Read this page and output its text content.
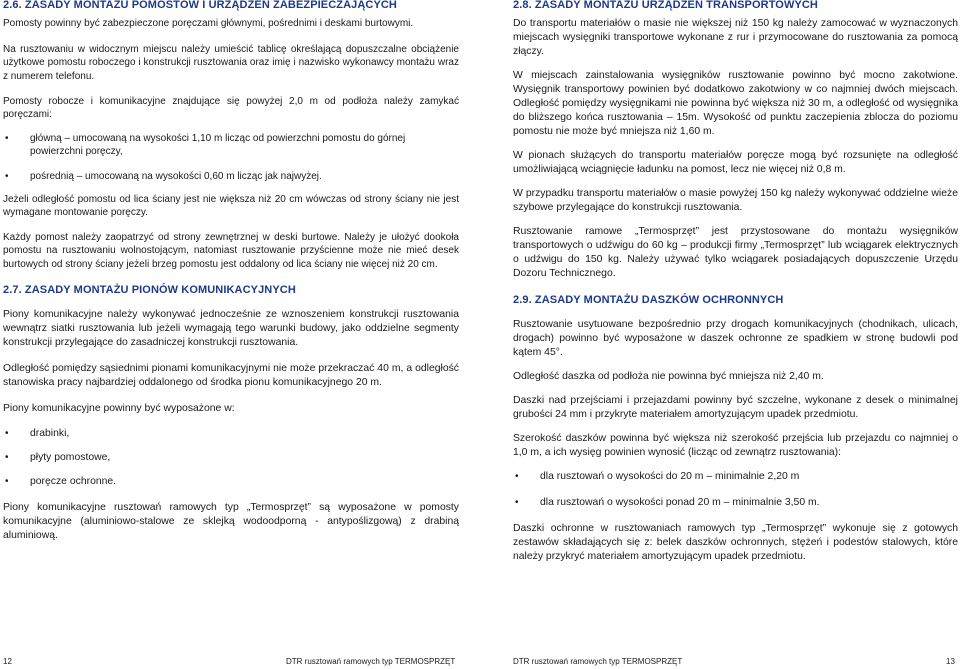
2.6. ZASADY MONTAŻU POMOSTÓW I URZĄDZEŃ ZABEZPIECZAJĄCYCH

Pomosty powinny być zabezpieczone poręczami głównymi, pośrednimi i deskami burtowymi.

Na rusztowaniu w widocznym miejscu należy umieścić tablicę określającą dopuszczalne obciążenie użytkowe pomostu roboczego i konstrukcji rusztowania oraz imię i nazwisko wykonawcy montażu wraz z numerem telefonu.

Pomosty robocze i komunikacyjne znajdujące się powyżej 2,0 m od podłoża należy zamykać poręczami:

• główną – umocowaną na wysokości 1,10 m licząc od powierzchni pomostu do górnej powierzchni poręczy,
• pośrednią – umocowaną na wysokości 0,60 m licząc jak najwyżej.

Jeżeli odległość pomostu od lica ściany jest nie większa niż 20 cm wówczas od strony ściany nie jest wymagane montowanie poręczy.

Każdy pomost należy zaopatrzyć od strony zewnętrznej w deski burtowe. Należy je ułożyć dookoła pomostu na rusztowaniu wolnostojącym, natomiast rusztowanie przyścienne może nie mieć desek burtowych od strony ściany jeżeli brzeg pomostu jest oddalony od lica ściany nie więcej niż 20 cm.

2.7. ZASADY MONTAŻU PIONÓW KOMUNIKACYJNYCH

Piony komunikacyjne należy wykonywać jednocześnie ze wznoszeniem konstrukcji rusztowania wewnątrz siatki rusztowania lub jeżeli wymagają tego warunki budowy, jako oddzielne segmenty konstrukcji przylegające do zasadniczej konstrukcji rusztowania.

Odległość pomiędzy sąsiednimi pionami komunikacyjnymi nie może przekraczać 40 m, a odległość stanowiska pracy najbardziej oddalonego od środka pionu komunikacyjnego 20 m.

Piony komunikacyjne powinny być wyposażone w:

• drabinki,
• płyty pomostowe,
• poręcze ochronne.

Piony komunikacyjne rusztowań ramowych typ „Termosprzęt” są wyposażone w pomosty komunikacyjne (aluminiowo-stalowe ze sklejką wodoodporną - antypoślizgową) z drabiną aluminiową.

2.8. ZASADY MONTAŻU URZĄDZEŃ TRANSPORTOWYCH

Do transportu materiałów o masie nie większej niż 150 kg należy zamocować w wyznaczonych miejscach wysięgniki transportowe wykonane z rur i przymocowane do rusztowania za pomocą złączy.

W miejscach zainstalowania wysięgników rusztowanie powinno być mocno zakotwione. Wysięgnik transportowy powinien być dodatkowo zakotwiony w co najmniej dwóch miejscach. Odległość pomiędzy wysięgnikami nie powinna być większa niż 30 m, a odległość od wysięgnika do bliższego końca rusztowania – 15m. Wysokość od punktu zaczepienia zblocza do poziomu pomostu nie może być mniejsza niż 1,60 m.

W pionach służących do transportu materiałów poręcze mogą być rozsunięte na odległość umożliwiającą wciągnięcie ładunku na pomost, lecz nie więcej niż 0,8 m.

W przypadku transportu materiałów o masie powyżej 150 kg należy wykonywać oddzielne wieże szybowe przylegające do konstrukcji rusztowania.

Rusztowanie ramowe „Termosprzęt” jest przystosowane do montażu wysięgników transportowych o udźwigu do 60 kg – produkcji firmy „Termosprzęt” lub wciągarek elektrycznych o udźwigu do 150 kg. Należy używać tylko wciągarek posiadających dopuszczenie Urzędu Dozoru Technicznego.

2.9. ZASADY MONTAŻU DASZKÓW OCHRONNYCH

Rusztowanie usytuowane bezpośrednio przy drogach komunikacyjnych (chodnikach, ulicach, drogach) powinno być wyposażone w daszek ochronne ze spadkiem w stronę budowli pod kątem 45°.

Odległość daszka od podłoża nie powinna być mniejsza niż 2,40 m.

Daszki nad przejściami i przejazdami powinny być szczelne, wykonane z desek o minimalnej grubości 24 mm i przykryte materiałem amortyzującym upadek przedmiotu.

Szerokość daszków powinna być większa niż szerokość przejścia lub przejazdu co najmniej o 1,0 m, a ich wysięg powinien wynosić (licząc od zewnątrz rusztowania):

• dla rusztowań o wysokości do 20 m – minimalnie 2,20 m
• dla rusztowań o wysokości ponad 20 m – minimalnie 3,50 m.

Daszki ochronne w rusztowaniach ramowych typ „Termosprzęt” wykonuje się z gotowych zestawów składających się z: belek daszków ochronnych, stężeń i podestów stalowych, które należy przykryć materiałem amortyzującym upadek przedmiotu.

12	DTR rusztowań ramowych typ TERMOSPRZĘT	DTR rusztowań ramowych typ TERMOSPRZĘT	13
